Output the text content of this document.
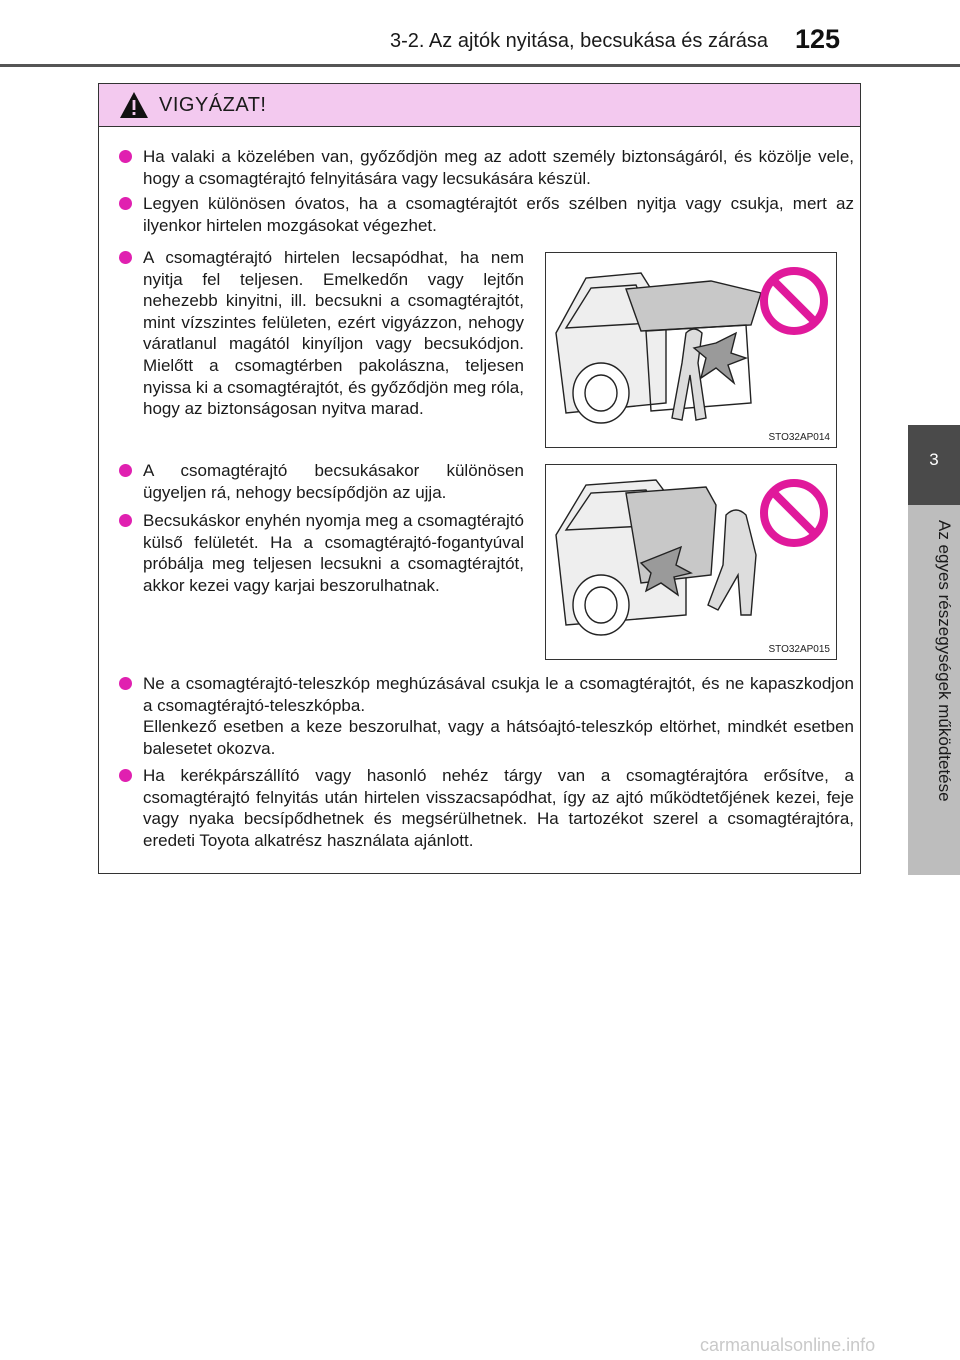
3-2. Az ajtók nyitása, becsukása és zárása 125
3
Az egyes részegységek működtetése
VIGYÁZAT!
Ha valaki a közelében van, győződjön meg az adott személy biztonságáról, és közölje vele, hogy a csomagtérajtó felnyitására vagy lecsukására készül.
Legyen különösen óvatos, ha a csomagtérajtót erős szélben nyitja vagy csukja, mert az ilyenkor hirtelen mozgásokat végezhet.
A csomagtérajtó hirtelen lecsapódhat, ha nem nyitja fel teljesen. Emelkedőn vagy lejtőn nehezebb kinyitni, ill. becsukni a csomagtérajtót, mint vízszintes felületen, ezért vigyázzon, nehogy váratlanul magától kinyíljon vagy becsukódjon. Mielőtt a csomagtérben pakolászna, teljesen nyissa ki a csomagtérajtót, és győződjön meg róla, hogy az biztonságosan nyitva marad.
A csomagtérajtó becsukásakor különösen ügyeljen rá, nehogy becsípődjön az ujja.
Becsukáskor enyhén nyomja meg a csomagtérajtó külső felületét. Ha a csomagtérajtó-fogantyúval próbálja meg teljesen lecsukni a csomagtérajtót, akkor kezei vagy karjai beszorulhatnak.
Ne a csomagtérajtó-teleszkóp meghúzásával csukja le a csomagtérajtót, és ne kapaszkodjon a csomagtérajtó-teleszkópba.
Ellenkező esetben a keze beszorulhat, vagy a hátsóajtó-teleszkóp eltörhet, mindkét esetben balesetet okozva.
Ha kerékpárszállító vagy hasonló nehéz tárgy van a csomagtérajtóra erősítve, a csomagtérajtó felnyitás után hirtelen visszacsapódhat, így az ajtó működtetőjének kezei, feje vagy nyaka becsípődhetnek és megsérülhetnek. Ha tartozékot szerel a csomagtérajtóra, eredeti Toyota alkatrész használata ajánlott.
STO32AP014
STO32AP015
carmanualsonline.info
